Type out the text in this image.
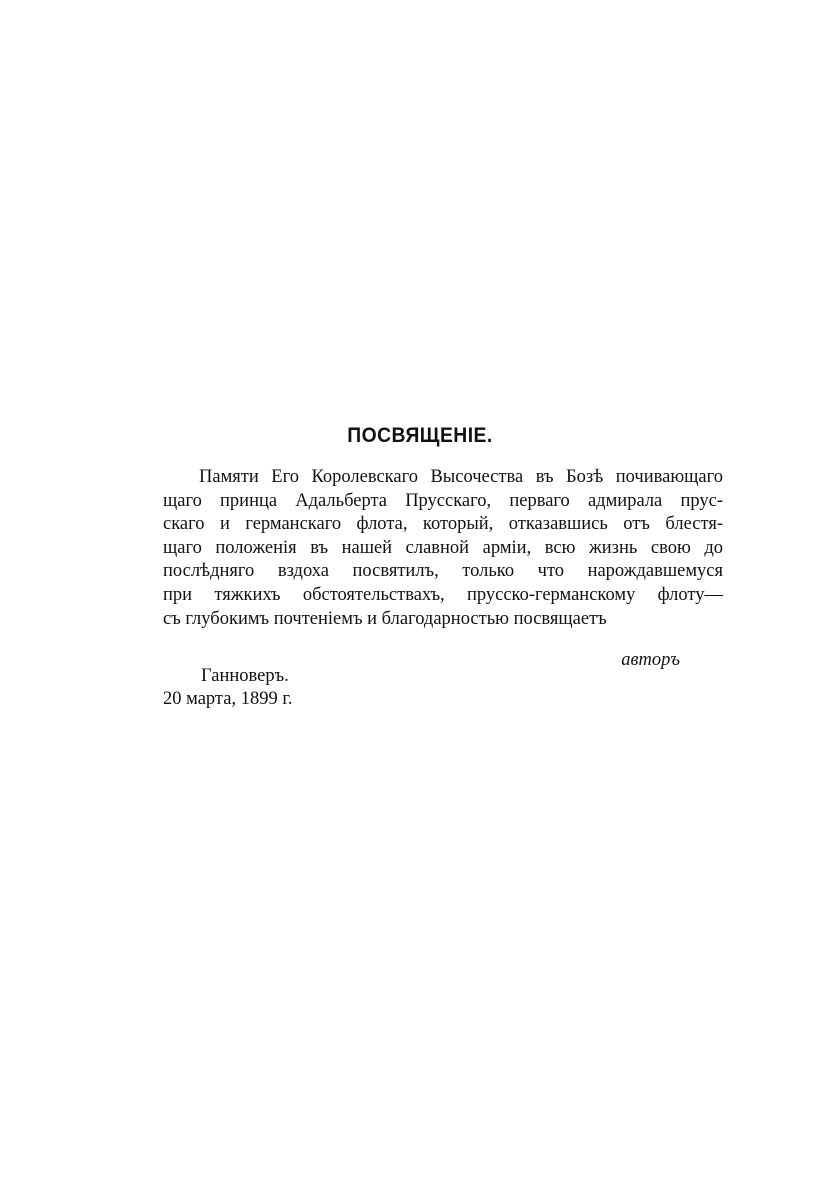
ПОСВЯЩЕНІЕ.
Памяти Его Королевскаго Высочества въ Бозѣ почивающаго
щаго принца Адальберта Прусскаго, перваго адмирала прус-
скаго и германскаго флота, который, отказавшись отъ блестя-
щаго положенія въ нашей славной арміи, всю жизнь свою до
послѣдняго вздоха посвятилъ, только что нарождавшемуся
при тяжкихъ обстоятельствахъ, прусско-германскому флоту—
съ глубокимъ почтеніемъ и благодарностью посвящаетъ
авторъ
Ганноверъ.
20 марта, 1899 г.
